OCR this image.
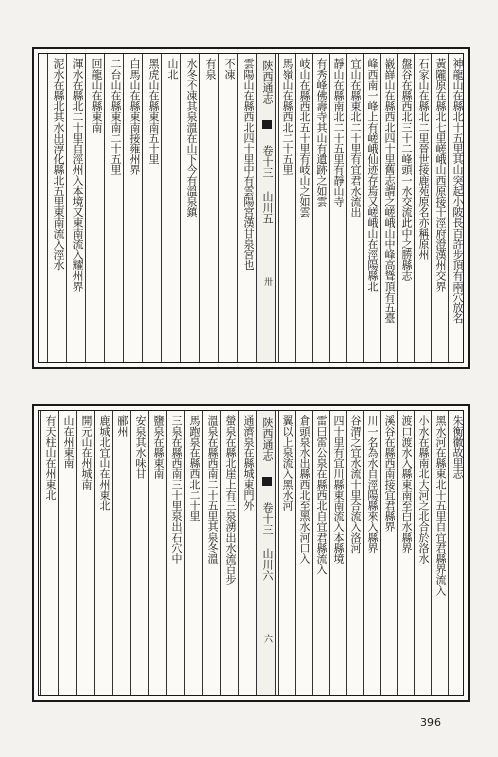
神龍山在縣北十五里其山突起小陂長百許步頂有兩穴放名
黃隴原在縣北七里嵯峨山西原接干涇府澄漢州交界
石家山在縣北二里晉世接鹿苑原名亦稱原州
盤谷在縣西北三十二峰頭一水交流此中之勝縣志
巀嶭山在縣西北四十里舊志謂之嵯峨山中峰高聳頂有五臺
峰西南一峰上有嵯峨仙迹存焉又嵯峨山在涇陽縣北
宜山在縣東北二十里有宜君水流出
靜山在縣南北二十五里有靜山寺
有秀峰佛壽寺其山有遺跡之如雲
岐山在縣西北五十里有岐山之如雲
馬嶺山在縣西北二十五里
陝西通志  卷十三 山川五 卅
雲陽山在縣西北四十里中有雲陽宮漢甘泉宮也
不凍
有泉
水冬不凍其泉溫在山下今有溫泉鎮
山北
黑虎山在縣東南五十里
白馬山在縣東南接雍州界
二台山在縣東南二十五里
回龍山在縣東南
渾水在縣北二十里自涇州入本境又東南流入耀州界
泥水在縣北其水出淳化縣北五里東南流入涇水
朱衡徽故里志
黑水河在縣東北十五里自宜君縣界流入
小水在縣南北大河之北合於洛水
渡口渡水入縣東南至白水縣界
溪谷在縣西南接宜君縣界
川一名為水自涇陽縣來入縣界
谷渭之宜水流十里合流入洛河
四十里有宜川縣東南流入本縣境
雷曰雷公泉在縣西北自宜君縣流入
倉頭泉水出縣西北至黑水河口入
翼以上泉流入黑水河
陝西通志  卷十三 山川六 六
通濟泉在縣城東門外
螢泉在縣北崖上有三泉湧出水流百步
溫泉在縣西南二十五里其泉冬溫
馬跑泉在縣西北二十里
三泉在縣西南三十里泉出石穴中
鹽泉在縣東南
安泉其水味甘
郦州
鹿城北宜山在州東北
開元山在州城南
山在州東南
有天柱山在州東北
396
